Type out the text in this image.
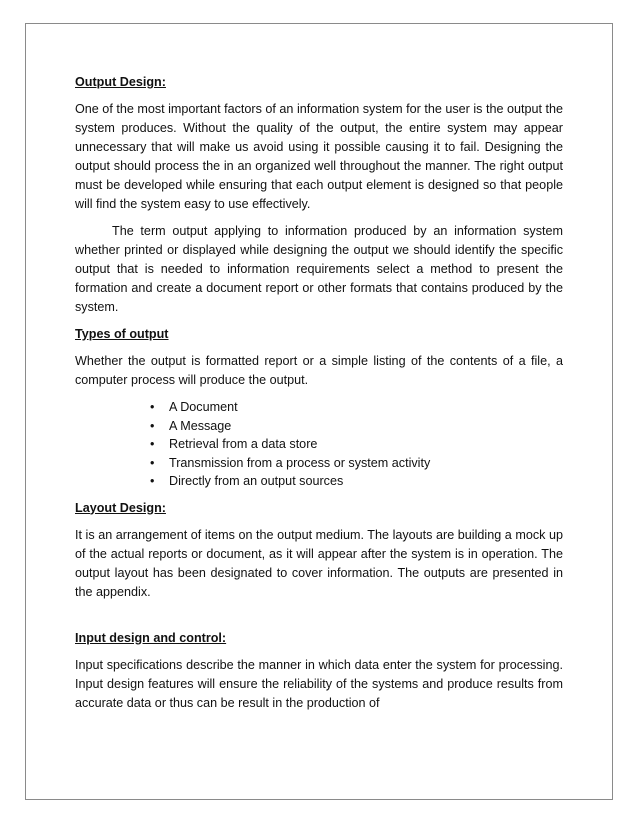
Output Design:

One of the most important factors of an information system for the user is the output the system produces. Without the quality of the output, the entire system may appear unnecessary that will make us avoid using it possible causing it to fail. Designing the output should process the in an organized well throughout the manner. The right output must be developed while ensuring that each output element is designed so that people will find the system easy to use effectively.

The term output applying to information produced by an information system whether printed or displayed while designing the output we should identify the specific output that is needed to information requirements select a method to present the formation and create a document report or other formats that contains produced by the system.

Types of output

Whether the output is formatted report or a simple listing of the contents of a file, a computer process will produce the output.

• A Document
• A Message
• Retrieval from a data store
• Transmission from a process or system activity
• Directly from an output sources

Layout Design:

It is an arrangement of items on the output medium. The layouts are building a mock up of the actual reports or document, as it will appear after the system is in operation. The output layout has been designated to cover information. The outputs are presented in the appendix.

Input design and control:

Input specifications describe the manner in which data enter the system for processing. Input design features will ensure the reliability of the systems and produce results from accurate data or thus can be result in the production of
